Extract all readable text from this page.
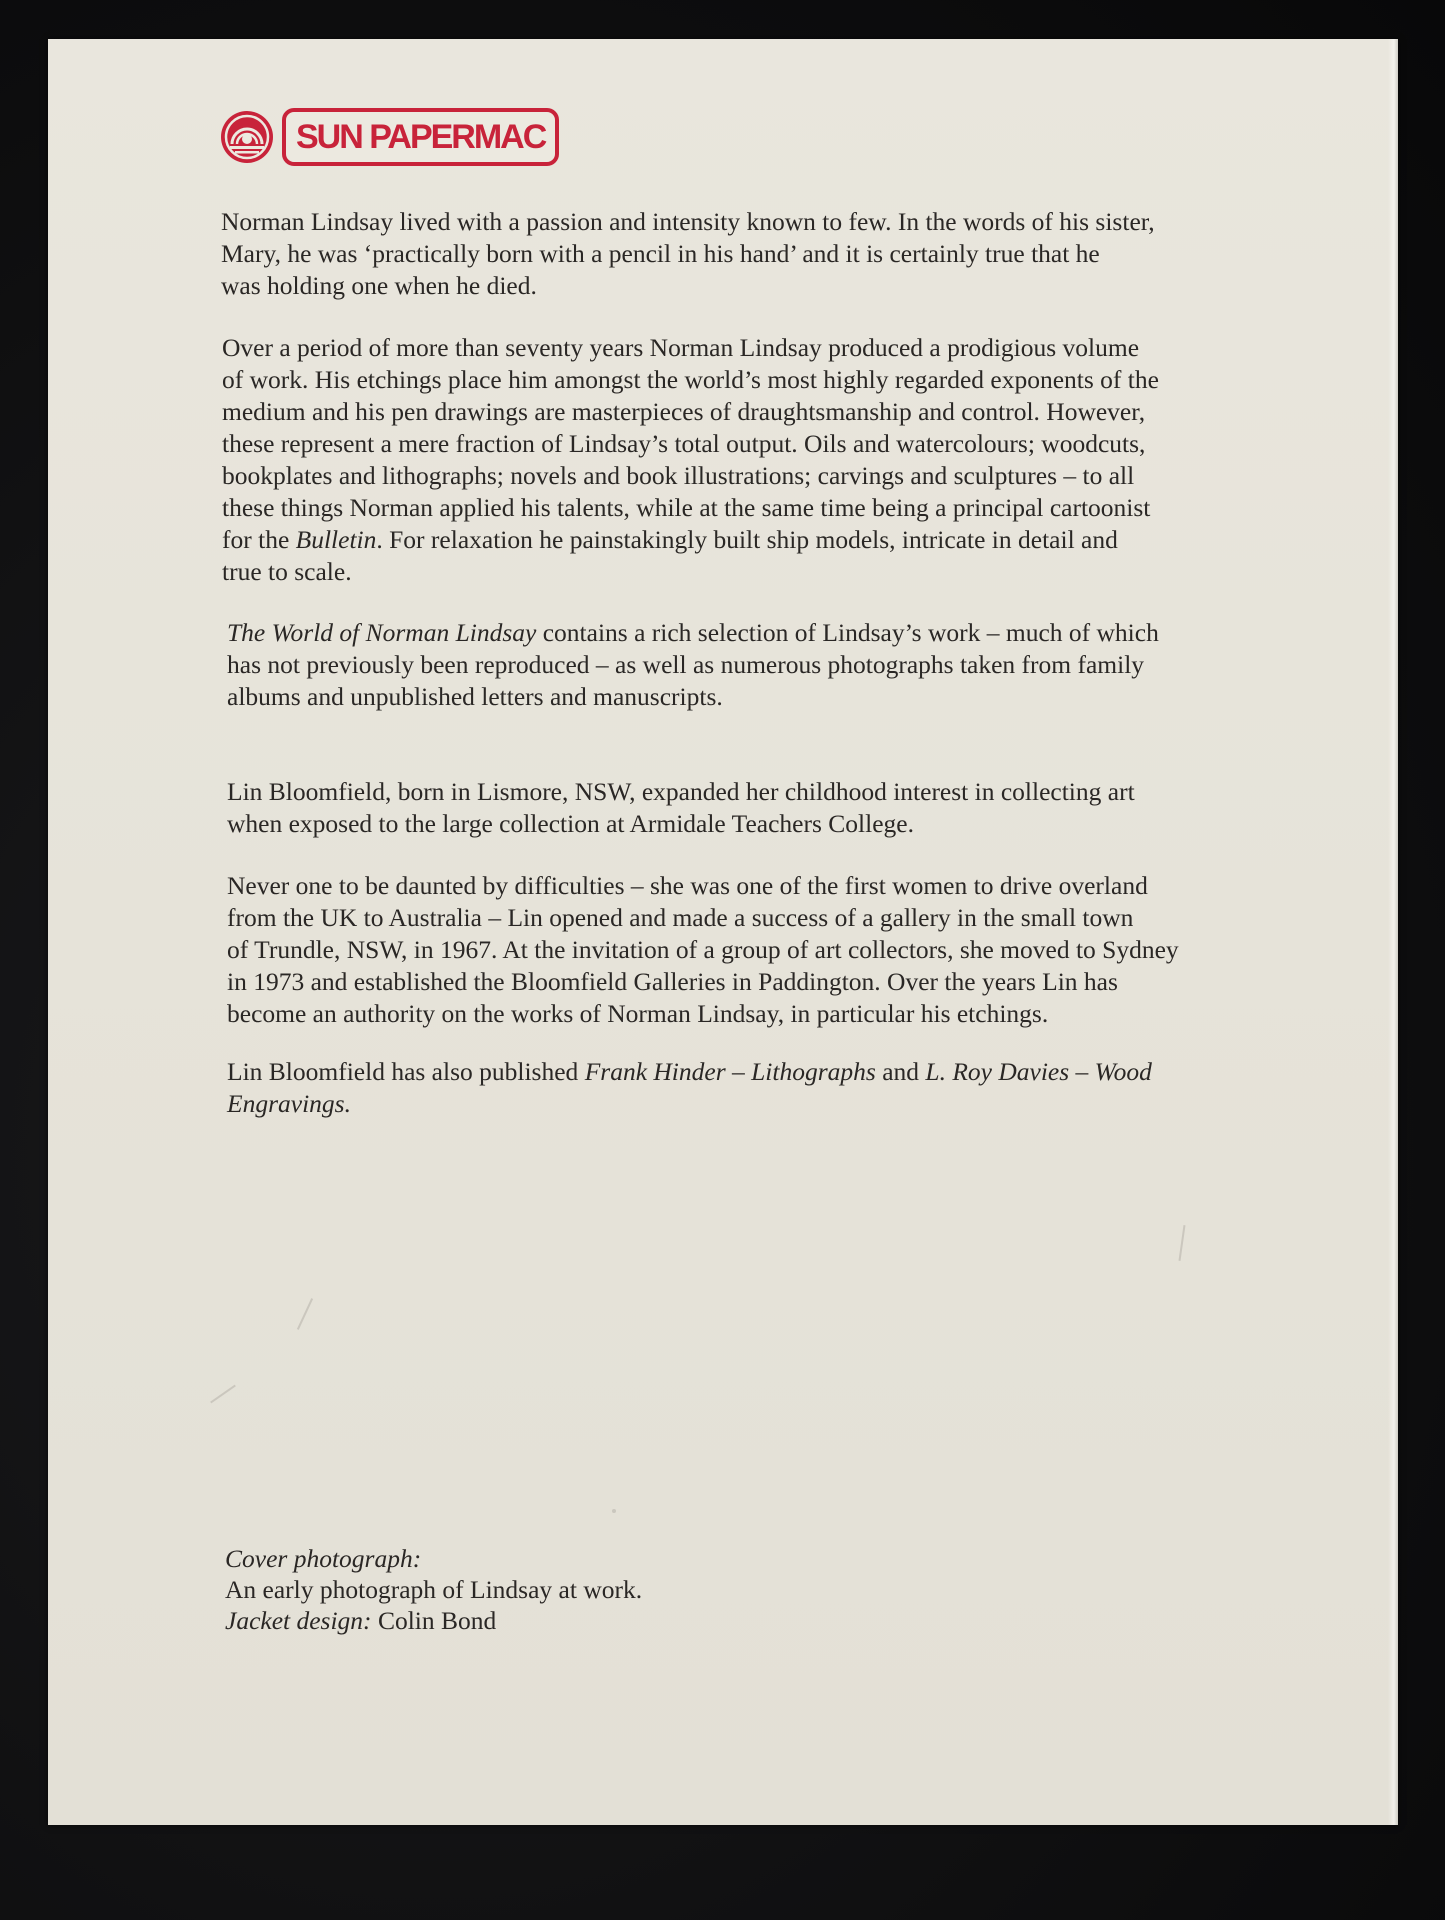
SUN PAPERMAC
Norman Lindsay lived with a passion and intensity known to few. In the words of his sister,
Mary, he was ‘practically born with a pencil in his hand’ and it is certainly true that he
was holding one when he died.
Over a period of more than seventy years Norman Lindsay produced a prodigious volume
of work. His etchings place him amongst the world’s most highly regarded exponents of the
medium and his pen drawings are masterpieces of draughtsmanship and control. However,
these represent a mere fraction of Lindsay’s total output. Oils and watercolours; woodcuts,
bookplates and lithographs; novels and book illustrations; carvings and sculptures – to all
these things Norman applied his talents, while at the same time being a principal cartoonist
for the Bulletin. For relaxation he painstakingly built ship models, intricate in detail and
true to scale.
The World of Norman Lindsay contains a rich selection of Lindsay’s work – much of which
has not previously been reproduced – as well as numerous photographs taken from family
albums and unpublished letters and manuscripts.
Lin Bloomfield, born in Lismore, NSW, expanded her childhood interest in collecting art
when exposed to the large collection at Armidale Teachers College.
Never one to be daunted by difficulties – she was one of the first women to drive overland
from the UK to Australia – Lin opened and made a success of a gallery in the small town
of Trundle, NSW, in 1967. At the invitation of a group of art collectors, she moved to Sydney
in 1973 and established the Bloomfield Galleries in Paddington. Over the years Lin has
become an authority on the works of Norman Lindsay, in particular his etchings.
Lin Bloomfield has also published Frank Hinder – Lithographs and L. Roy Davies – Wood
Engravings.
Cover photograph:
An early photograph of Lindsay at work.
Jacket design: Colin Bond
